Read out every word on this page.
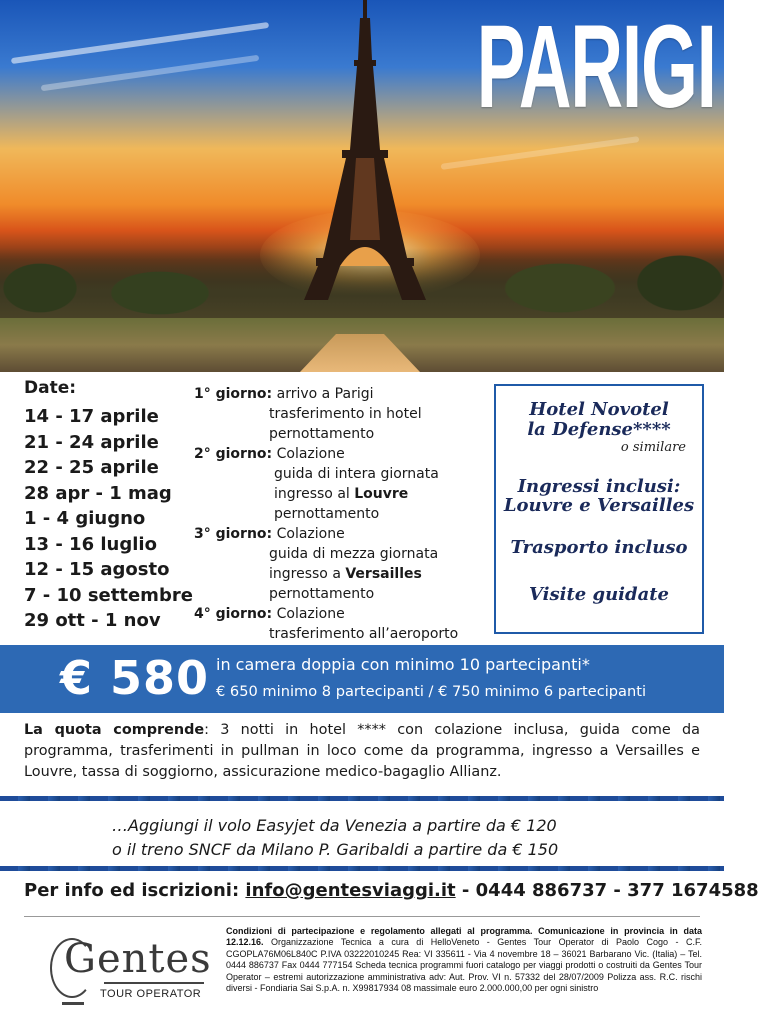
PARIGI
Date:
14 - 17 aprile
21 - 24 aprile
22 - 25 aprile
28 apr - 1 mag
1 - 4 giugno
13 - 16 luglio
12 - 15 agosto
7 - 10 settembre
29 ott - 1 nov
1° giorno: arrivo a Parigi
trasferimento in hotel
pernottamento
2° giorno: Colazione
guida di intera giornata
ingresso al Louvre
pernottamento
3° giorno: Colazione
guida di mezza giornata
ingresso a Versailles
pernottamento
4° giorno: Colazione
trasferimento all’aeroporto
Hotel Novotel
la Defense****
o similare
Ingressi inclusi:
Louvre e Versailles
Trasporto incluso
Visite guidate
€ 580 in camera doppia con minimo 10 partecipanti*
€ 650 minimo 8 partecipanti / € 750 minimo 6 partecipanti
La quota comprende: 3 notti in hotel **** con colazione inclusa, guida come da programma, trasferimenti in pullman in loco come da programma, ingresso a Versailles e Louvre, tassa di soggiorno, assicurazione medico-bagaglio Allianz.
…Aggiungi il volo Easyjet da Venezia a partire da € 120
o il treno SNCF da Milano P. Garibaldi a partire da € 150
Per info ed iscrizioni: info@gentesviaggi.it - 0444 886737 - 377 1674588
Gentes
TOUR OPERATOR
Condizioni di partecipazione e regolamento allegati al programma. Comunicazione in provincia in data 12.12.16. Organizzazione Tecnica a cura di HelloVeneto - Gentes Tour Operator di Paolo Cogo - C.F. CGOPLA76M06L840C P.IVA 03222010245 Rea: VI 335611 - Via 4 novembre 18 – 36021 Barbarano Vic. (Italia) – Tel. 0444 886737 Fax 0444 777154 Scheda tecnica programmi fuori catalogo per viaggi prodotti o costruiti da Gentes Tour Operator – estremi autorizzazione amministrativa adv: Aut. Prov. VI n. 57332 del 28/07/2009 Polizza ass. R.C. rischi diversi - Fondiaria Sai S.p.A. n. X99817934 08 massimale euro 2.000.000,00 per ogni sinistro
